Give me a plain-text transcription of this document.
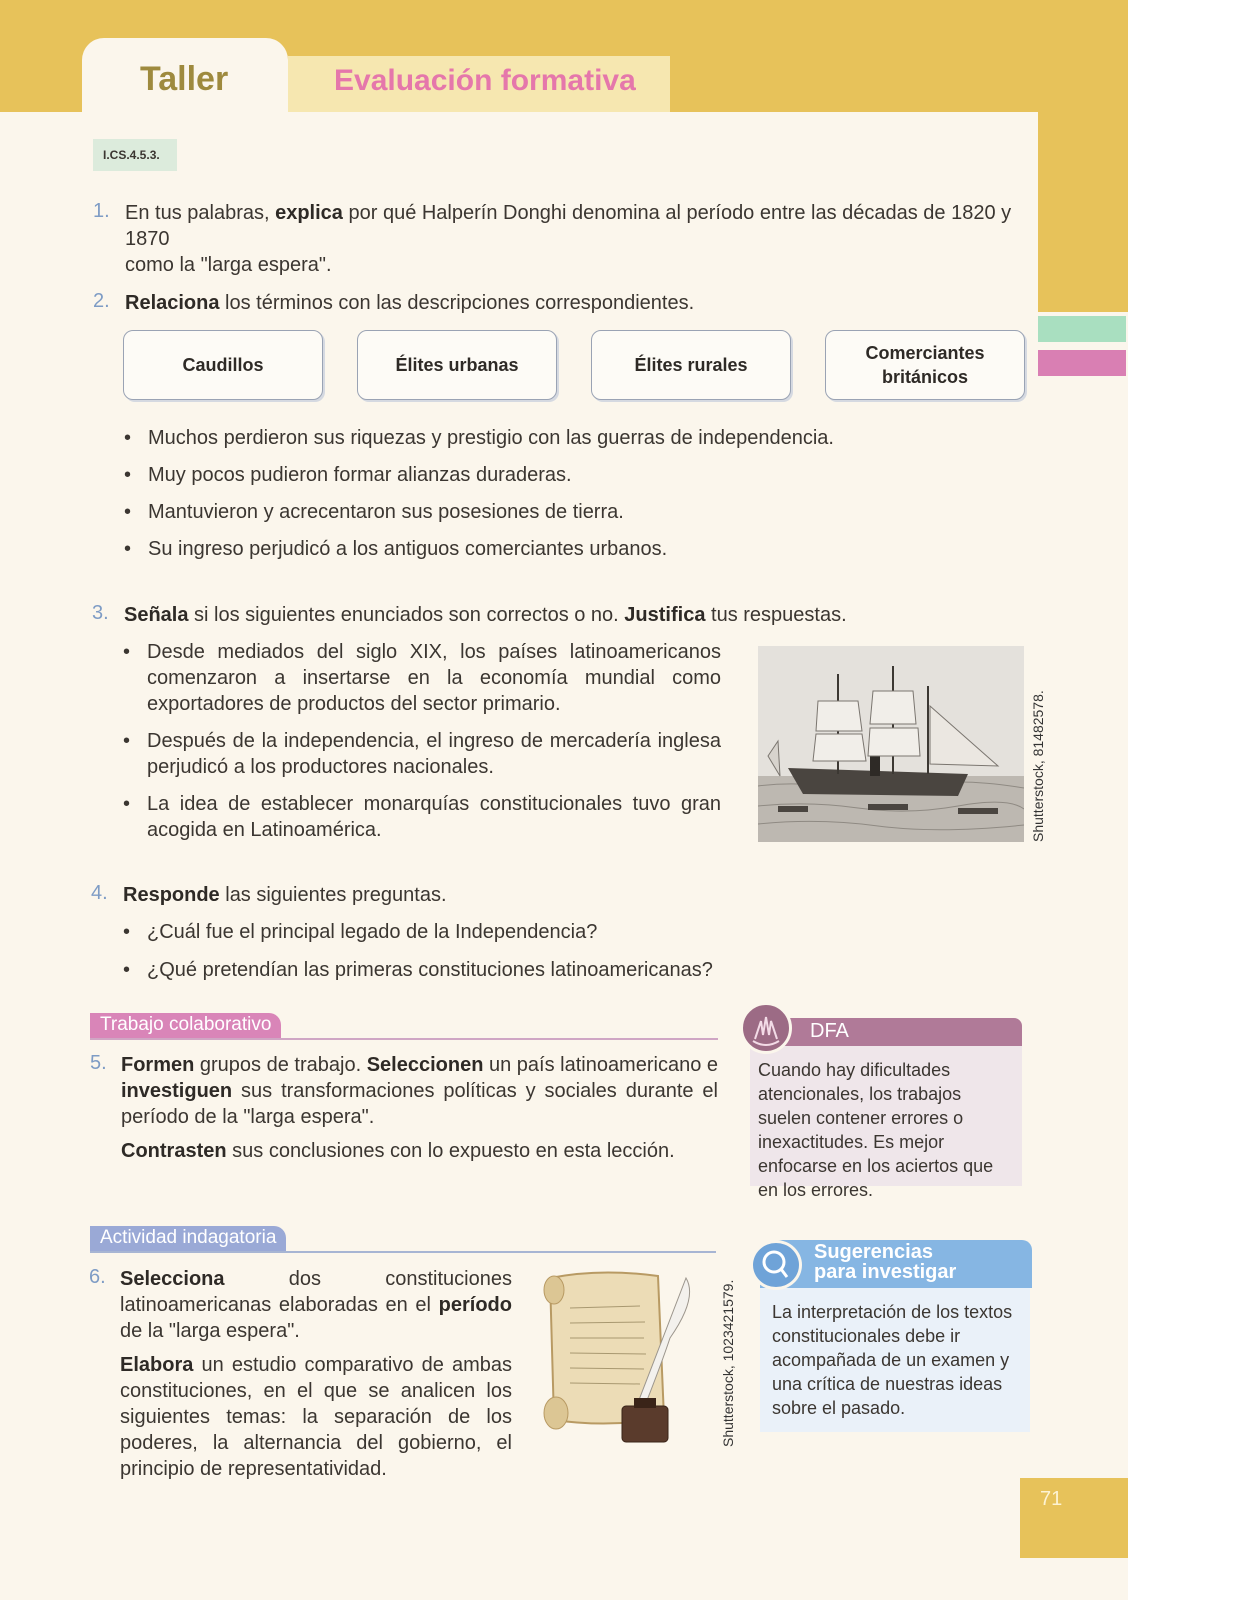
Taller	Evaluación formativa
I.CS.4.5.3.
1. En tus palabras, explica por qué Halperín Donghi denomina al período entre las décadas de 1820 y 1870
como la "larga espera".
2. Relaciona los términos con las descripciones correspondientes.
Caudillos	Élites urbanas	Élites rurales
Comerciantes británicos
• Muchos perdieron sus riquezas y prestigio con las guerras de independencia.
• Muy pocos pudieron formar alianzas duraderas.
• Mantuvieron y acrecentaron sus posesiones de tierra.
• Su ingreso perjudicó a los antiguos comerciantes urbanos.
3. Señala si los siguientes enunciados son correctos o no. Justifica tus respuestas.
• Desde mediados del siglo XIX, los países latinoamericanos comenzaron a insertarse en la economía mundial como exportadores de productos del sector primario.
• Después de la independencia, el ingreso de mercadería inglesa perjudicó a los productores nacionales.
• La idea de establecer monarquías constitucionales tuvo gran acogida en Latinoamérica.	Shutterstock, 81482578.
4. Responde las siguientes preguntas.
• ¿Cuál fue el principal legado de la Independencia?
• ¿Qué pretendían las primeras constituciones latinoamericanas?
Trabajo colaborativo
5. Formen grupos de trabajo. Seleccionen un país latinoamericano e investiguen sus transformaciones políticas y sociales durante el período de la "larga espera".
Contrasten sus conclusiones con lo expuesto en esta lección.
DFA
Cuando hay dificultades atencionales, los trabajos suelen contener errores o inexactitudes. Es mejor enfocarse en los aciertos que en los errores.
Actividad indagatoria
6. Selecciona dos constituciones latinoamericanas elaboradas en el período de la "larga espera".
Elabora un estudio comparativo de ambas constituciones, en el que se analicen los siguientes temas: la separación de los poderes, la alternancia del gobierno, el principio de representatividad.
Shutterstock, 1023421579.
Sugerencias
para investigar
La interpretación de los textos constitucionales debe ir acompañada de un examen y una crítica de nuestras ideas sobre el pasado.
71
